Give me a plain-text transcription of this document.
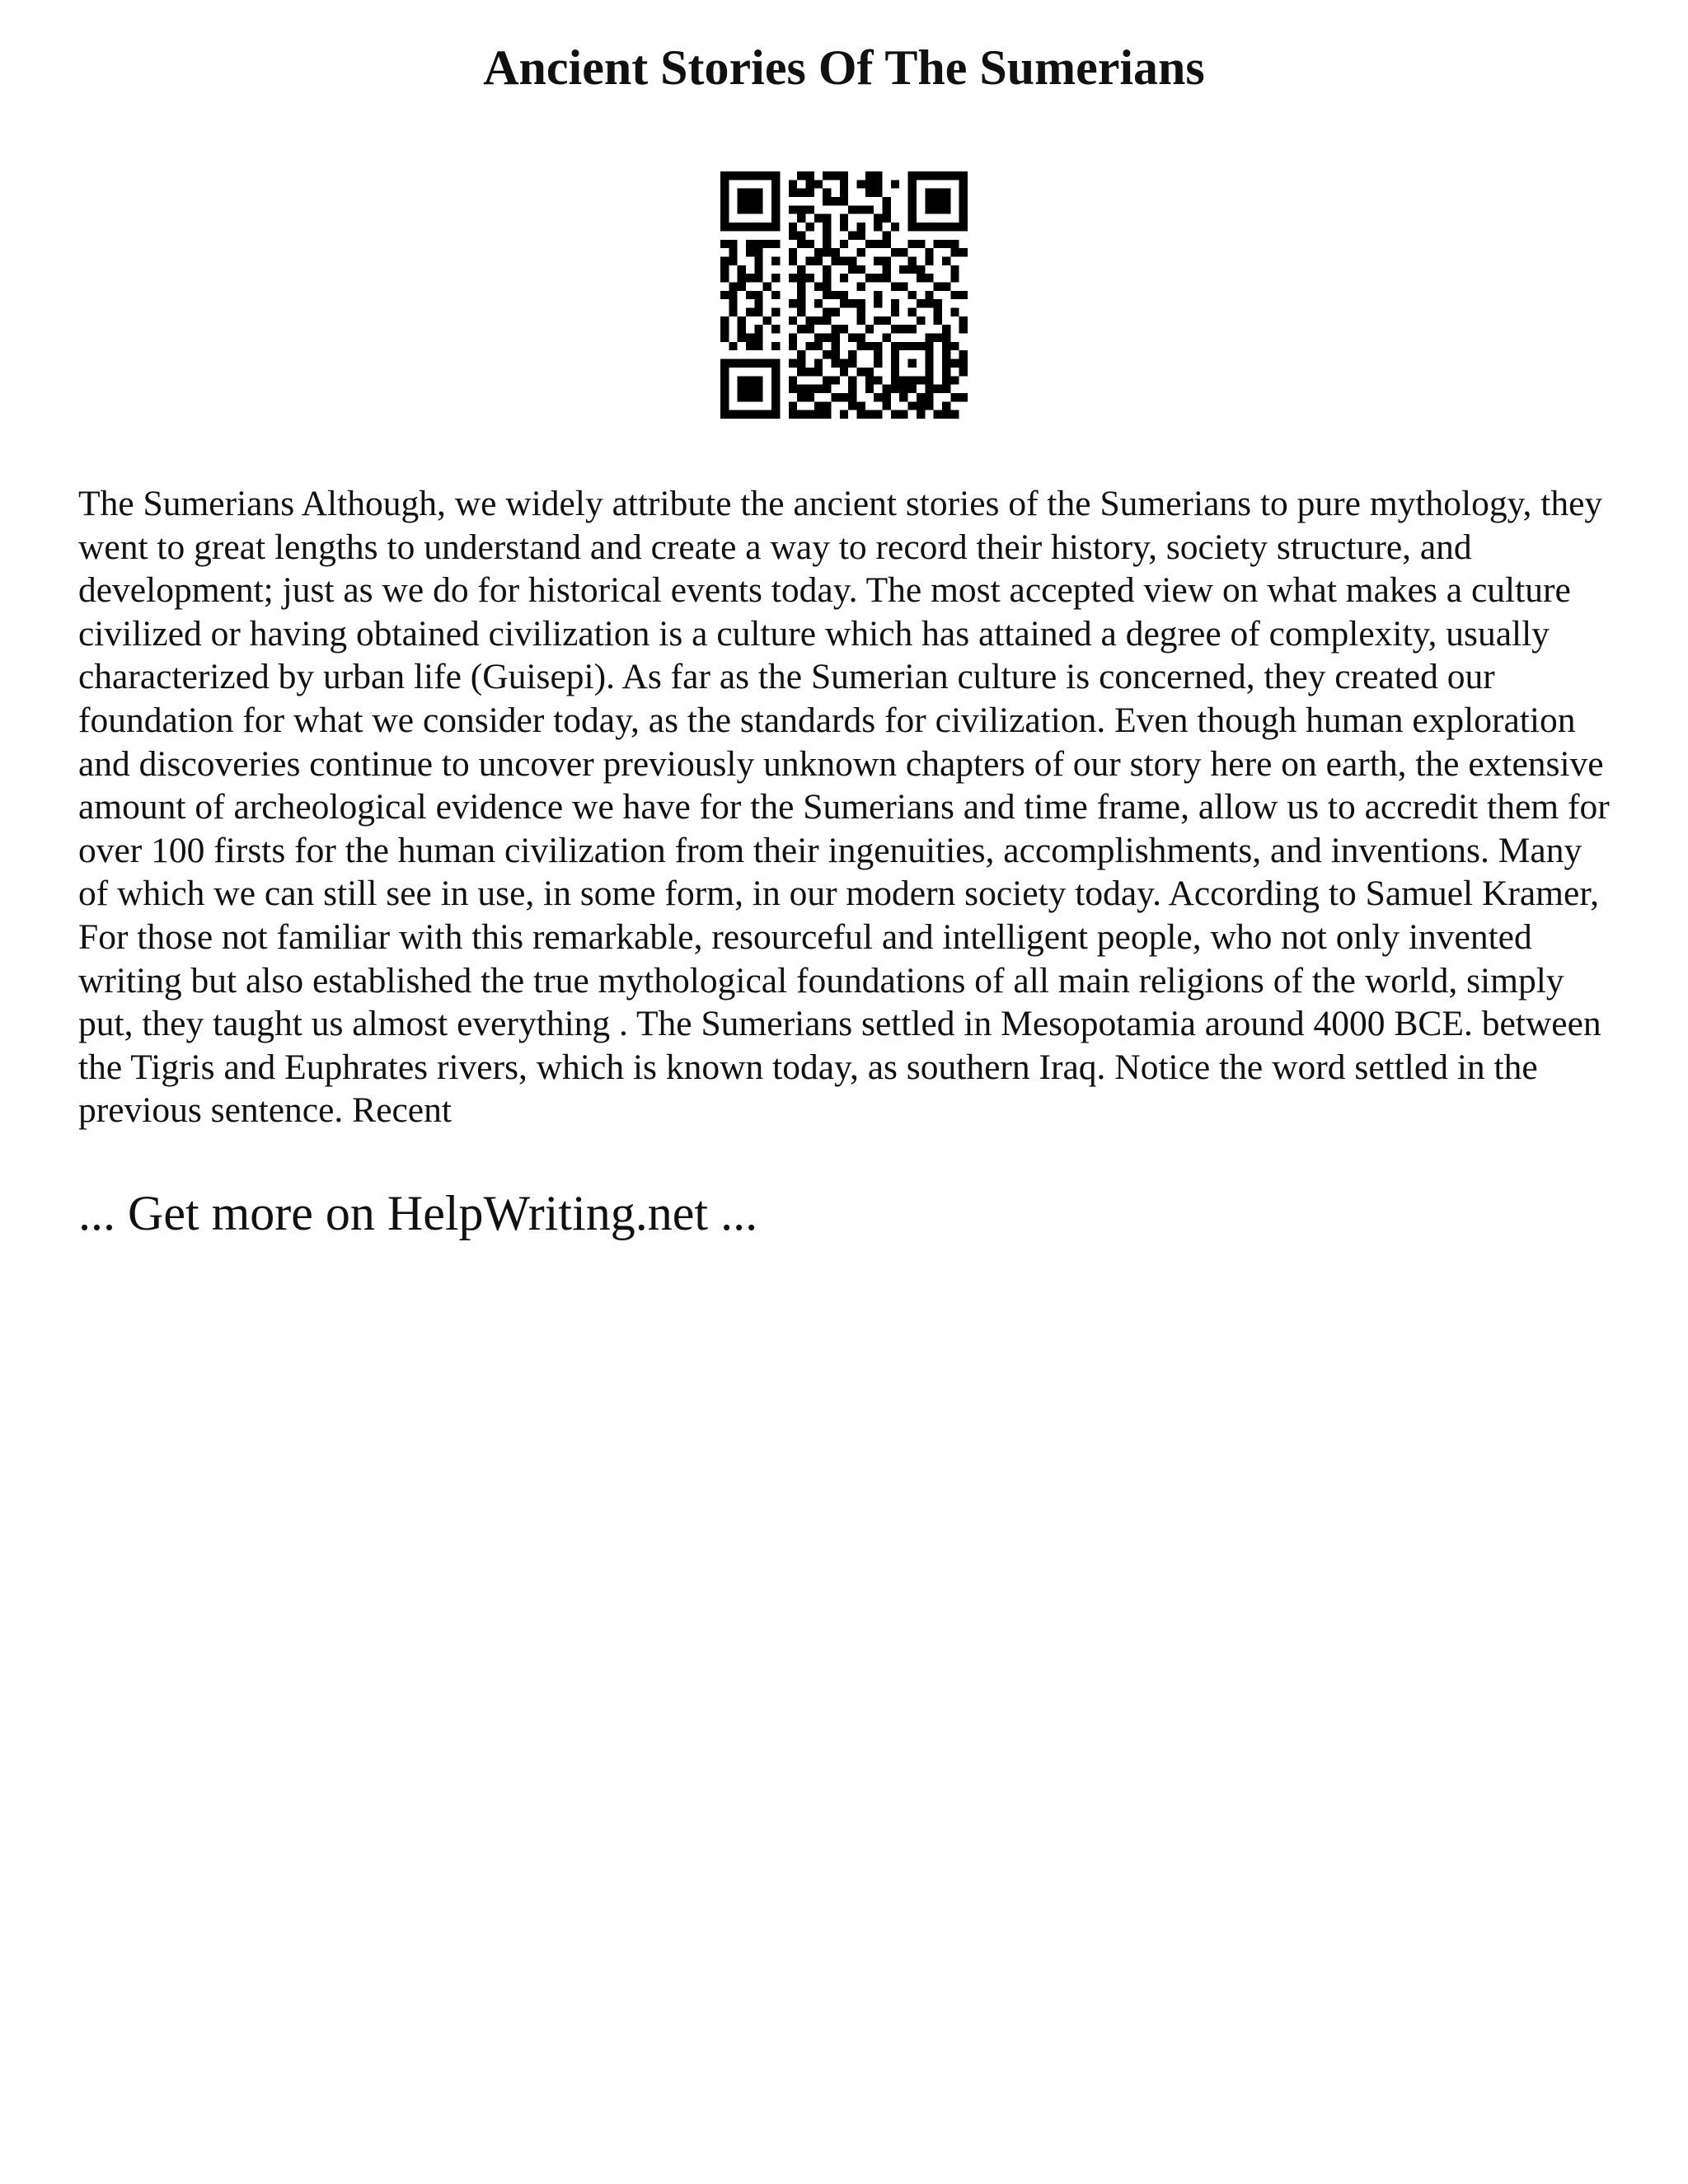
Ancient Stories Of The Sumerians

The Sumerians Although, we widely attribute the ancient stories of the Sumerians to pure mythology, they went to great lengths to understand and create a way to record their history, society structure, and development; just as we do for historical events today. The most accepted view on what makes a culture civilized or having obtained civilization is a culture which has attained a degree of complexity, usually characterized by urban life (Guisepi). As far as the Sumerian culture is concerned, they created our foundation for what we consider today, as the standards for civilization. Even though human exploration and discoveries continue to uncover previously unknown chapters of our story here on earth, the extensive amount of archeological evidence we have for the Sumerians and time frame, allow us to accredit them for over 100 firsts for the human civilization from their ingenuities, accomplishments, and inventions. Many of which we can still see in use, in some form, in our modern society today. According to Samuel Kramer, For those not familiar with this remarkable, resourceful and intelligent people, who not only invented writing but also established the true mythological foundations of all main religions of the world, simply put, they taught us almost everything . The Sumerians settled in Mesopotamia around 4000 BCE. between the Tigris and Euphrates rivers, which is known today, as southern Iraq. Notice the word settled in the previous sentence. Recent

... Get more on HelpWriting.net ...
